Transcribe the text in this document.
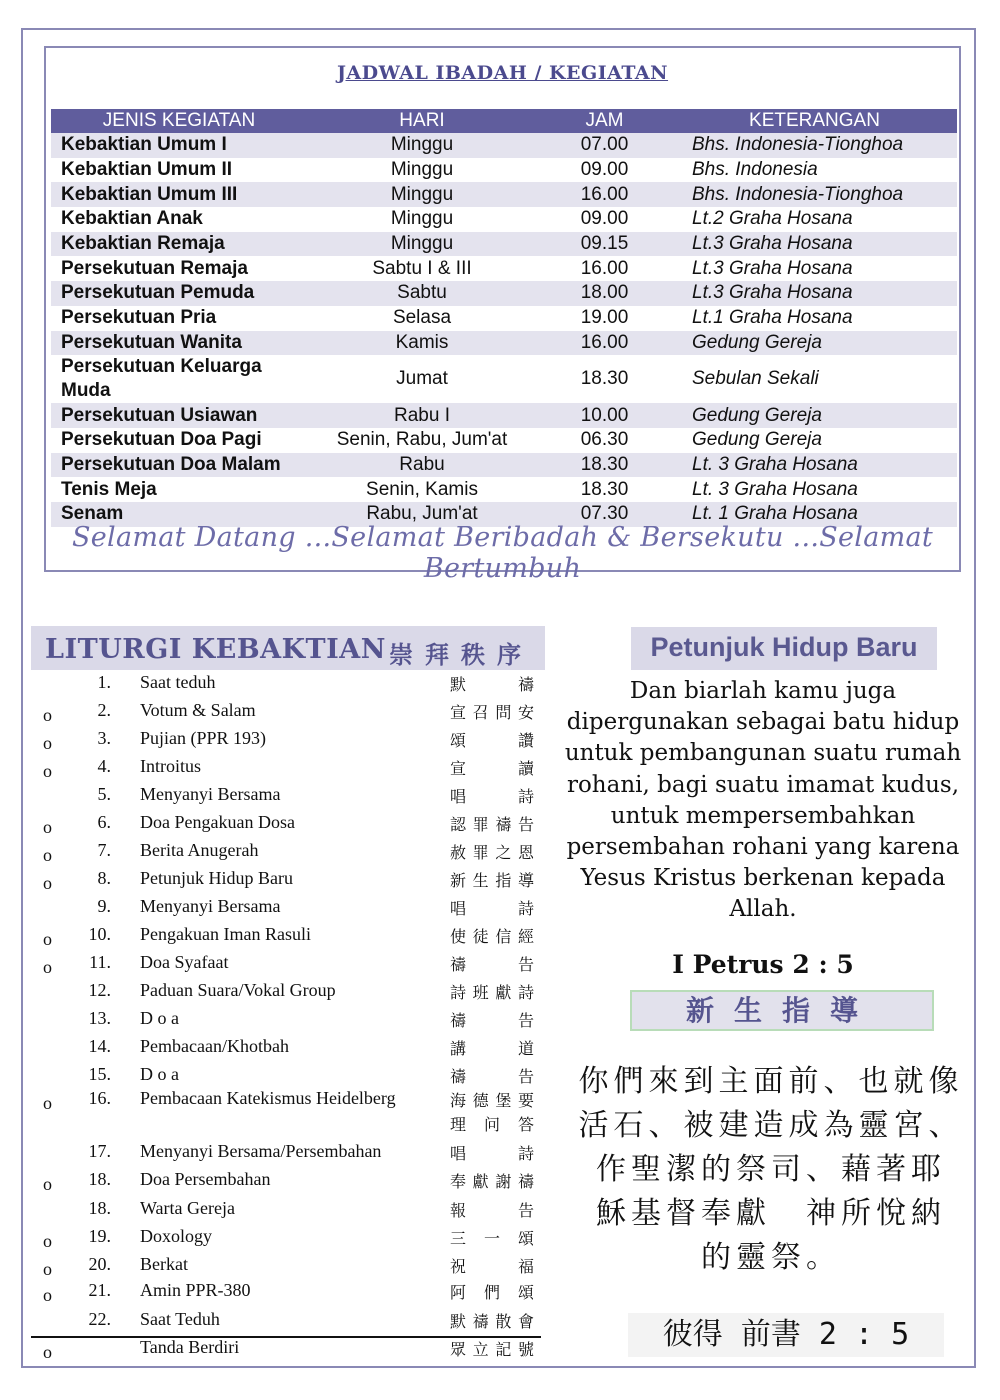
JADWAL IBADAH / KEGIATAN
JENIS KEGIATAN	HARI	JAM	KETERANGAN
Kebaktian Umum I	Minggu	07.00	Bhs. Indonesia-Tionghoa
Kebaktian Umum II	Minggu	09.00	Bhs. Indonesia
Kebaktian Umum III	Minggu	16.00	Bhs. Indonesia-Tionghoa
Kebaktian Anak	Minggu	09.00	Lt.2 Graha Hosana
Kebaktian Remaja	Minggu	09.15	Lt.3 Graha Hosana
Persekutuan Remaja	Sabtu I & III	16.00	Lt.3 Graha Hosana
Persekutuan Pemuda	Sabtu	18.00	Lt.3 Graha Hosana
Persekutuan Pria	Selasa	19.00	Lt.1 Graha Hosana
Persekutuan Wanita	Kamis	16.00	Gedung Gereja
Persekutuan Keluarga Muda	Jumat	18.30	Sebulan Sekali
Persekutuan Usiawan	Rabu I	10.00	Gedung Gereja
Persekutuan Doa Pagi	Senin, Rabu, Jum'at	06.30	Gedung Gereja
Persekutuan Doa Malam	Rabu	18.30	Lt. 3 Graha Hosana
Tenis Meja	Senin, Kamis	18.30	Lt. 3 Graha Hosana
Senam	Rabu, Jum'at	07.30	Lt. 1 Graha Hosana
Selamat Datang ...Selamat Beribadah & Bersekutu ...Selamat Bertumbuh
LITURGI KEBAKTIAN 崇拜秩序
1. Saat teduh	默　禱
o	2. Votum & Salam	宣召問安
o	3. Pujian (PPR 193)	頌　讚
o	4. Introitus	宣　讀
5. Menyanyi Bersama	唱　詩
o	6. Doa Pengakuan Dosa	認罪禱告
o	7. Berita Anugerah	赦罪之恩
o	8. Petunjuk Hidup Baru	新生指導
9. Menyanyi Bersama	唱　詩
o	10. Pengakuan Iman Rasuli	使徒信經
o	11. Doa Syafaat	禱　告
12. Paduan Suara/Vokal Group	詩班獻詩
13. D o a	禱　告
14. Pembacaan/Khotbah	講　道
15. D o a	禱　告
o	16. Pembacaan Katekismus Heidelberg	海德堡要
理问答
17. Menyanyi Bersama/Persembahan	唱　詩
o	18. Doa Persembahan	奉獻謝禱
18. Warta Gereja	報　告
o	19. Doxology	三一頌
o	20. Berkat	祝　福
o	21. Amin PPR-380	阿們頌
22. Saat Teduh	默禱散會
o	Tanda Berdiri	眾立記號
Petunjuk Hidup Baru
Dan biarlah kamu juga
dipergunakan sebagai batu hidup
untuk pembangunan suatu rumah
rohani, bagi suatu imamat kudus,
untuk mempersembahkan
persembahan rohani yang karena
Yesus Kristus berkenan kepada
Allah.
I Petrus 2 : 5
新生指導
你們來到主面前、也就像
活石、被建造成為靈宮、
作聖潔的祭司、藉著耶
穌基督奉獻　神所悅納
的靈祭。
彼得 前書 2 : 5
